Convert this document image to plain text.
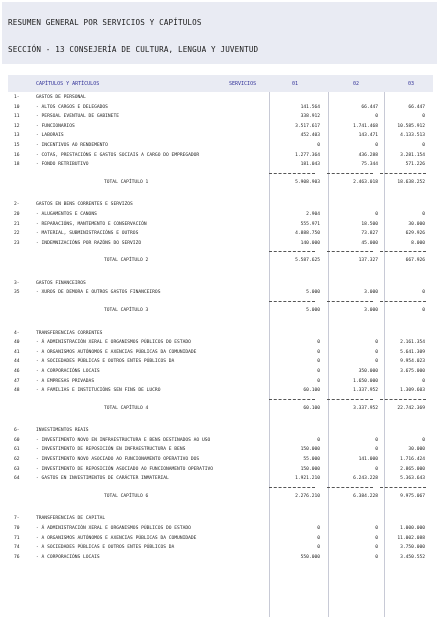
RESUMEN GENERAL POR SERVICIOS Y CAPÍTULOS
SECCIÓN - 13 CONSEJERÍA DE CULTURA, LENGUA Y JUVENTUD
CAPÍTULOS Y ARTÍCULOS	SERVICIOS	01	02	03
1-	GASTOS DE PERSONAL
10	- ALTOS CARGOS E DELEGADOS	141.564	66.447	66.447
11	- PERSOAL EVENTUAL DE GABINETE	338.912	0	0
12	- FUNCIONARIOS	3.517.617	1.741.468	10.585.912
13	- LABORAIS	452.403	143.471	4.133.513
15	- INCENTIVOS AO RENDEMENTO	0	0	0
16	- COTAS, PRESTACIÓNS E GASTOS SOCIAIS A CARGO DO EMPREGADOR	1.277.364	436.288	3.281.154
18	- FONDO RETRIBUTIVO	181.043	75.344	571.226
TOTAL CAPÍTULO 1	5.908.903	2.463.018	18.638.252
2-	GASTOS EN BENS CORRENTES E SERVIZOS
20	- ALUGAMENTOS E CANONS	2.904	0	0
21	- REPARACIÓNS, MANTEMENTO E CONSERVACIÓN	555.971	18.500	30.000
22	- MATERIAL, SUBMINISTRACIÓNS E OUTROS	4.888.750	73.827	629.926
23	- INDEMNIZACIÓNS POR RAZÓNS DO SERVIZO	140.000	45.000	8.000
TOTAL CAPÍTULO 2	5.587.625	137.327	667.926
3-	GASTOS FINANCEIROS
35	- XUROS DE DEMORA E OUTROS GASTOS FINANCEIROS	5.000	3.000	0
TOTAL CAPÍTULO 3	5.000	3.000	0
4-	TRANSFERENCIAS CORRENTES
40	- Á ADMINISTRACIÓN XERAL E ORGANISMOS PÚBLICOS DO ESTADO	0	0	2.161.354
41	- A ORGANISMOS AUTÓNOMOS E AXENCIAS PÚBLICAS DA COMUNIDADE	0	0	5.641.309
44	- A SOCIEDADES PÚBLICAS E OUTROS ENTES PÚBLICOS DA	0	0	9.954.023
46	- A CORPORACIÓNS LOCAIS	0	350.000	3.675.000
47	- A EMPRESAS PRIVADAS	0	1.650.000	0
48	- A FAMILIAS E INSTITUCIÓNS SEN FINS DE LUCRO	60.100	1.337.952	1.309.603
TOTAL CAPÍTULO 4	60.100	3.337.952	22.742.369
6-	INVESTIMENTOS REAIS
60	- INVESTIMENTO NOVO EN INFRAESTRUCTURA E BENS DESTINADOS AO USO	0	0	0
61	- INVESTIMENTO DE REPOSICIÓN EN INFRAESTRUCTURA E BENS	150.000	0	30.000
62	- INVESTIMENTO NOVO ASOCIADO AO FUNCIONAMENTO OPERATIVO DOS	55.000	141.000	1.716.424
63	- INVESTIMENTO DE REPOSICIÓN ASOCIADO AO FUNCIONAMENTO OPERATIVO	150.000	0	2.865.000
64	- GASTOS EN INVESTIMENTOS DE CARÁCTER INMATERIAL	1.921.210	6.243.228	5.363.643
TOTAL CAPÍTULO 6	2.276.210	6.384.228	9.975.067
7-	TRANSFERENCIAS DE CAPITAL
70	- Á ADMINISTRACIÓN XERAL E ORGANISMOS PÚBLICOS DO ESTADO	0	0	1.000.000
71	- A ORGANISMOS AUTÓNOMOS E AXENCIAS PÚBLICAS DA COMUNIDADE	0	0	11.002.088
74	- A SOCIEDADES PÚBLICAS E OUTROS ENTES PÚBLICOS DA	0	0	3.750.000
76	- A CORPORACIÓNS LOCAIS	550.000	0	3.450.552
